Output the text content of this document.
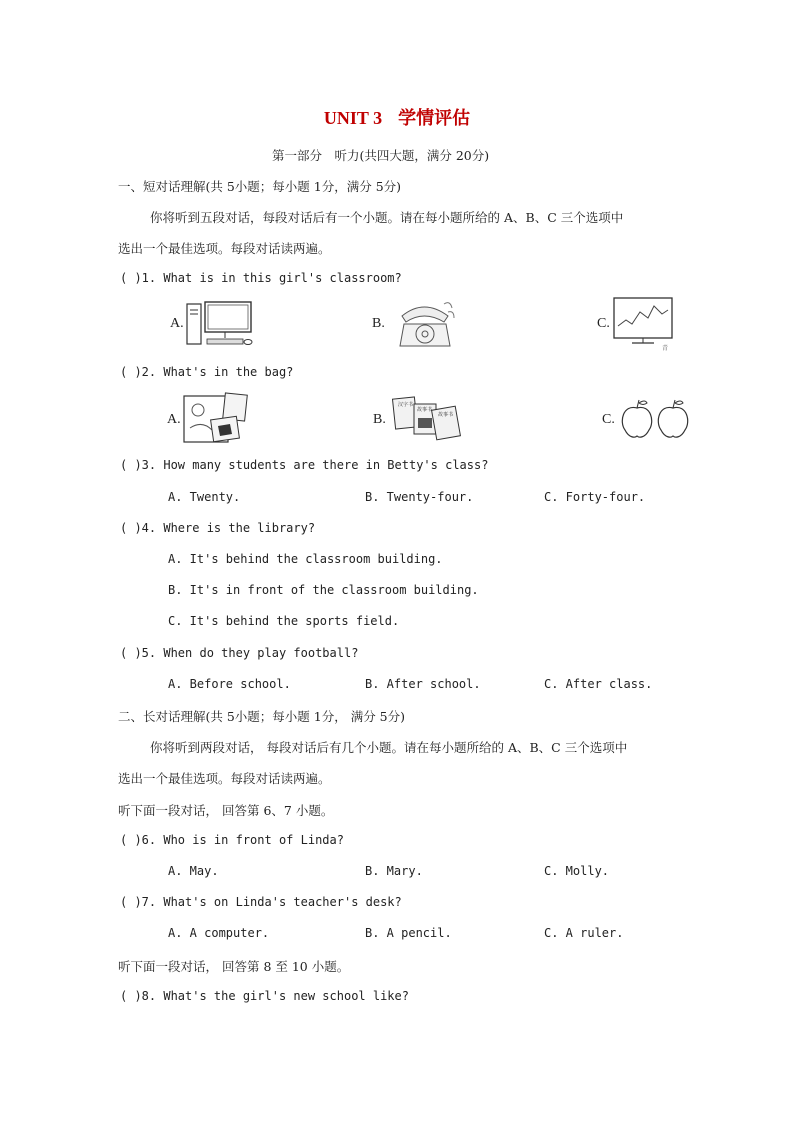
UNIT 3 学情评估
第一部分　听力(共四大题，满分 20分)
一、短对话理解(共 5小题；每小题 1分，满分 5分)
你将听到五段对话，每段对话后有一个小题。请在每小题所给的 A、B、C 三个选项中
选出一个最佳选项。每段对话读两遍。
( )1. What is in this girl's classroom?
A.	B.	C.
青
( )2. What's in the bag?
A.	B.
汉字书
故事书
故事书	C.
( )3. How many students are there in Betty's class?
A. Twenty.	B. Twenty-four.	C. Forty-four.
( )4. Where is the library?
A. It's behind the classroom building.
B. It's in front of the classroom building.
C. It's behind the sports field.
( )5. When do they play football?
A. Before school.	B. After school.	C. After class.
二、长对话理解(共 5小题；每小题 1分， 满分 5分)
你将听到两段对话， 每段对话后有几个小题。请在每小题所给的 A、B、C 三个选项中
选出一个最佳选项。每段对话读两遍。
听下面一段对话， 回答第 6、7 小题。
( )6. Who is in front of Linda?
A. May.	B. Mary.	C. Molly.
( )7. What's on Linda's teacher's desk?
A. A computer.	B. A pencil.	C. A ruler.
听下面一段对话， 回答第 8 至 10 小题。
( )8. What's the girl's new school like?
